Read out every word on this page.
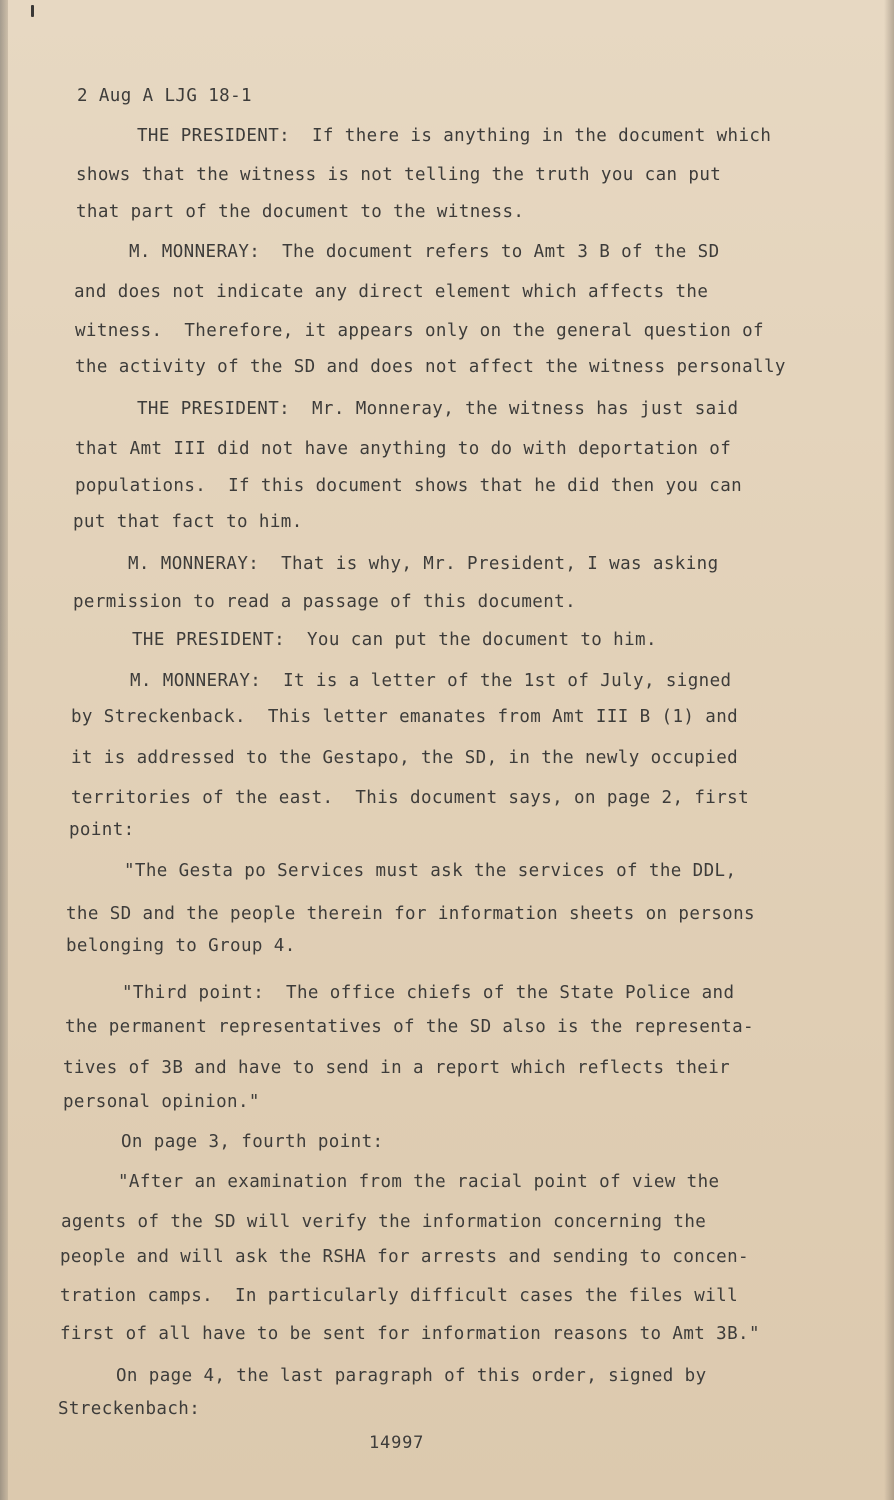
2 Aug A LJG 18-1
THE PRESIDENT:  If there is anything in the document which
shows that the witness is not telling the truth you can put
that part of the document to the witness.
M. MONNERAY:  The document refers to Amt 3 B of the SD
and does not indicate any direct element which affects the
witness.  Therefore, it appears only on the general question of
the activity of the SD and does not affect the witness personally
THE PRESIDENT:  Mr. Monneray, the witness has just said
that Amt III did not have anything to do with deportation of
populations.  If this document shows that he did then you can
put that fact to him.
M. MONNERAY:  That is why, Mr. President, I was asking
permission to read a passage of this document.
THE PRESIDENT:  You can put the document to him.
M. MONNERAY:  It is a letter of the 1st of July, signed
by Streckenback.  This letter emanates from Amt III B (1) and
it is addressed to the Gestapo, the SD, in the newly occupied
territories of the east.  This document says, on page 2, first
point:
"The Gesta po Services must ask the services of the DDL,
the SD and the people therein for information sheets on persons
belonging to Group 4.
"Third point:  The office chiefs of the State Police and
the permanent representatives of the SD also is the representa-
tives of 3B and have to send in a report which reflects their
personal opinion."
On page 3, fourth point:
"After an examination from the racial point of view the
agents of the SD will verify the information concerning the
people and will ask the RSHA for arrests and sending to concen-
tration camps.  In particularly difficult cases the files will
first of all have to be sent for information reasons to Amt 3B."
On page 4, the last paragraph of this order, signed by
Streckenbach:
14997
